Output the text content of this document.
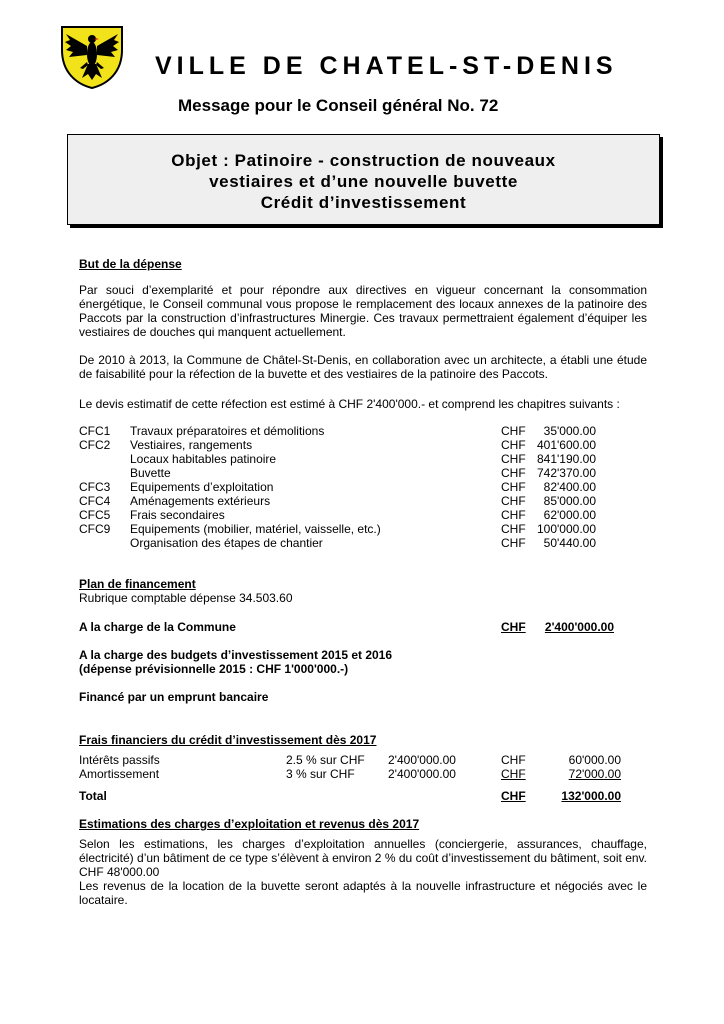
VILLE DE CHATEL-ST-DENIS
Message pour le Conseil général No. 72
Objet : Patinoire - construction de nouveaux
vestiaires et d’une nouvelle buvette
Crédit d’investissement
But de la dépense
Par souci d’exemplarité et pour répondre aux directives en vigueur concernant la consommation énergétique, le Conseil communal vous propose le remplacement des locaux annexes de la patinoire des Paccots par la construction d’infrastructures Minergie. Ces travaux permettraient également d’équiper les vestiaires de douches qui manquent actuellement.
De 2010 à 2013, la Commune de Châtel-St-Denis, en collaboration avec un architecte, a établi une étude de faisabilité pour la réfection de la buvette et des vestiaires de la patinoire des Paccots.
Le devis estimatif de cette réfection est estimé à CHF 2'400'000.- et comprend les chapitres suivants :
CFC1 Travaux préparatoires et démolitions	CHF	35'000.00
CFC2 Vestiaires, rangements	CHF 401'600.00
Locaux habitables patinoire	CHF 841'190.00
Buvette	CHF 742'370.00
CFC3 Equipements d’exploitation	CHF	82'400.00
CFC4 Aménagements extérieurs	CHF	85'000.00
CFC5 Frais secondaires	CHF	62'000.00
CFC9 Equipements (mobilier, matériel, vaisselle, etc.)	CHF 100'000.00
Organisation des étapes de chantier	CHF	50'440.00
Plan de financement
Rubrique comptable dépense 34.503.60
A la charge de la Commune	CHF	2'400'000.00
A la charge des budgets d’investissement 2015 et 2016
(dépense prévisionnelle 2015 : CHF 1'000'000.-)
Financé par un emprunt bancaire
Frais financiers du crédit d’investissement dès 2017
Intérêts passifs	2.5 % sur CHF 2'400'000.00	CHF	60'000.00
Amortissement	3 % sur CHF	2'400'000.00	CHF	72'000.00
Total	CHF	132'000.00
Estimations des charges d’exploitation et revenus dès 2017
Selon les estimations, les charges d’exploitation annuelles (conciergerie, assurances, chauffage, électricité) d’un bâtiment de ce type s’élèvent à environ 2 % du coût d’investissement du bâtiment, soit env. CHF 48'000.00
Les revenus de la location de la buvette seront adaptés à la nouvelle infrastructure et négociés avec le locataire.
